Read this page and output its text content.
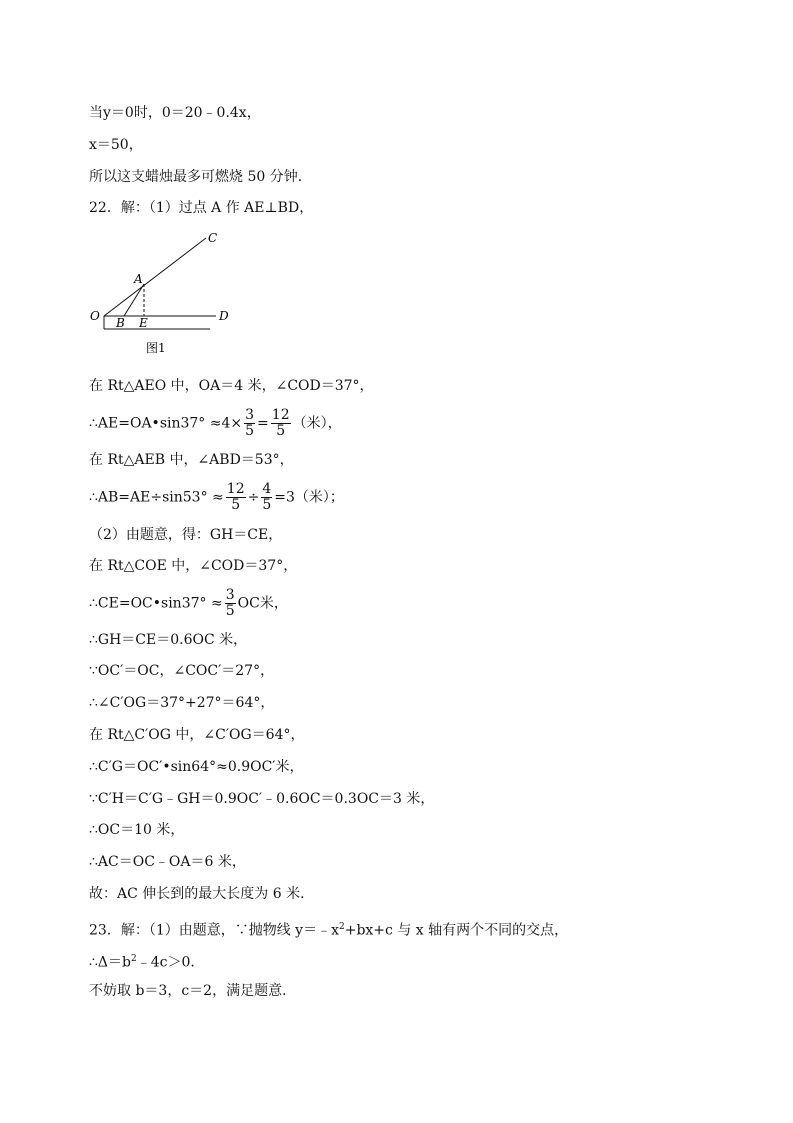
当y＝0时，0＝20﹣0.4x，
x＝50，
所以这支蜡烛最多可燃烧 50 分钟．
22．解：（1）过点 A 作 AE⊥BD，
C
A
O B E	D
图1
在 Rt△AEO 中，OA＝4 米，∠COD＝37°，
∴AE=OA•sin37° $\approx 4\times \frac{3}{5} = \frac{12}{5}$ （米），
在 Rt△AEB 中，∠ABD＝53°，
∴AB=AE÷sin53° ≈ $\frac{12}{5} \div \frac{4}{5} =3$（米）；
（2）由题意，得：GH＝CE，
在 Rt△COE 中，∠COD＝37°，
∴CE=OC•sin37° ≈ $\frac{3}{5}$ OC米，
∴GH＝CE＝0.6OC 米，
∵OC′＝OC，∠COC′＝27°，
∴∠C′OG＝37°+27°＝64°，
在 Rt△C′OG 中，∠C′OG＝64°，
∴C′G＝OC′•sin64°≈0.9OC′米，
∵C′H＝C′G﹣GH＝0.9OC′﹣0.6OC＝0.3OC＝3 米，
∴OC＝10 米，
∴AC＝OC﹣OA＝6 米，
故：AC 伸长到的最大长度为 6 米．
23．解：（1）由题意，∵抛物线 $y=﹣x^2+bx+c$ 与 x 轴有两个不同的交点，
$\therefore\Delta=b^2﹣4c>0$．
不妨取 b＝3，c＝2，满足题意．
